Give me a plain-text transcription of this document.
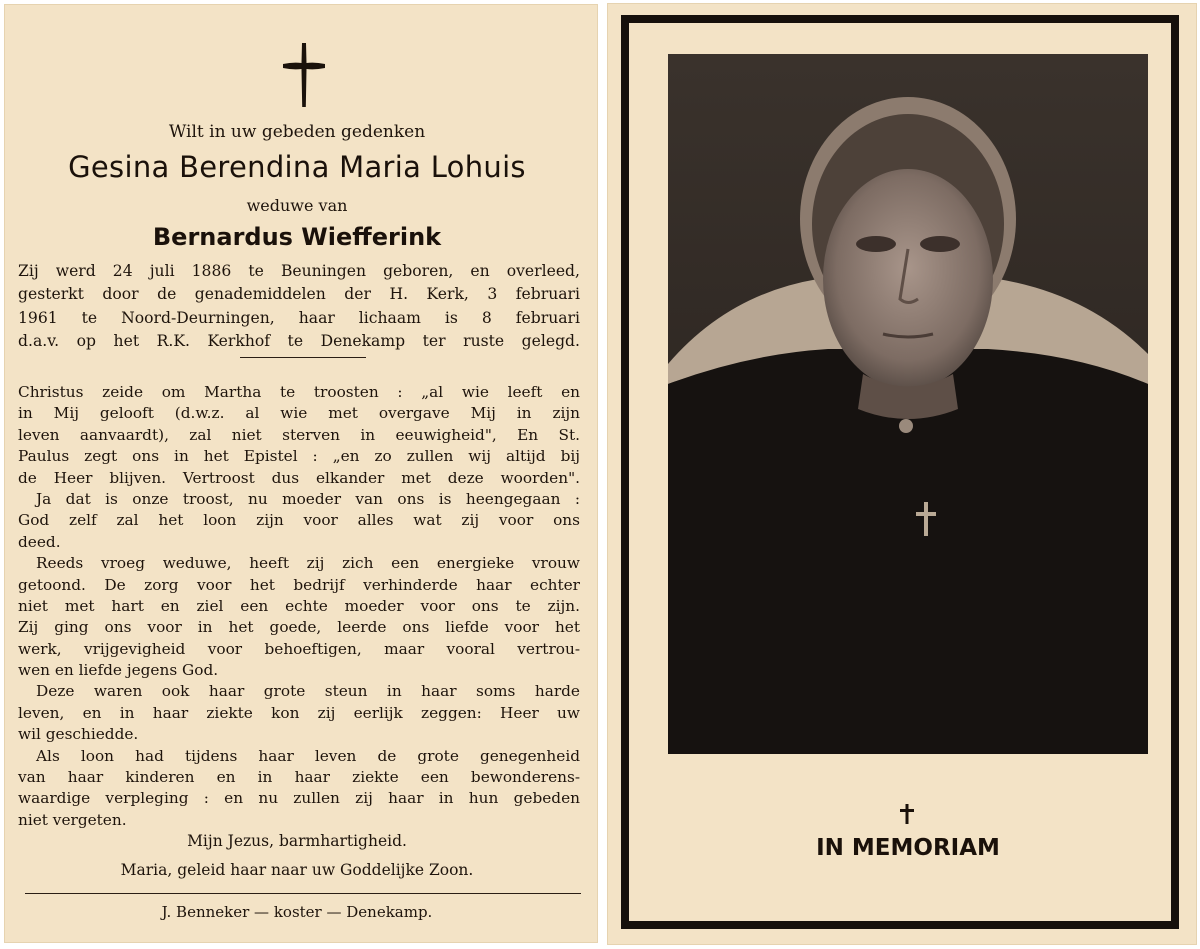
Wilt in uw gebeden gedenken
Gesina Berendina Maria Lohuis
weduwe van
Bernardus Wiefferink
Zij werd 24 juli 1886 te Beuningen geboren, en overleed,
gesterkt door de genademiddelen der H. Kerk, 3 februari
1961 te Noord-Deurningen, haar lichaam is 8 februari
d.a.v. op het R.K. Kerkhof te Denekamp ter ruste gelegd.
Christus zeide om Martha te troosten : „al wie leeft en
in Mij gelooft (d.w.z. al wie met overgave Mij in zijn
leven aanvaardt), zal niet sterven in eeuwigheid", En St.
Paulus zegt ons in het Epistel : „en zo zullen wij altijd bij
de Heer blijven. Vertroost dus elkander met deze woorden".
Ja dat is onze troost, nu moeder van ons is heengegaan :
God zelf zal het loon zijn voor alles wat zij voor ons
deed.
Reeds vroeg weduwe, heeft zij zich een energieke vrouw
getoond. De zorg voor het bedrijf verhinderde haar echter
niet met hart en ziel een echte moeder voor ons te zijn.
Zij ging ons voor in het goede, leerde ons liefde voor het
werk, vrijgevigheid voor behoeftigen, maar vooral vertrou-
wen en liefde jegens God.
Deze waren ook haar grote steun in haar soms harde
leven, en in haar ziekte kon zij eerlijk zeggen: Heer uw
wil geschiedde.
Als loon had tijdens haar leven de grote genegenheid
van haar kinderen en in haar ziekte een bewonderens-
waardige verpleging : en nu zullen zij haar in hun gebeden
niet vergeten.
Mijn Jezus, barmhartigheid.
Maria, geleid haar naar uw Goddelijke Zoon.
J. Benneker — koster — Denekamp.
IN MEMORIAM
